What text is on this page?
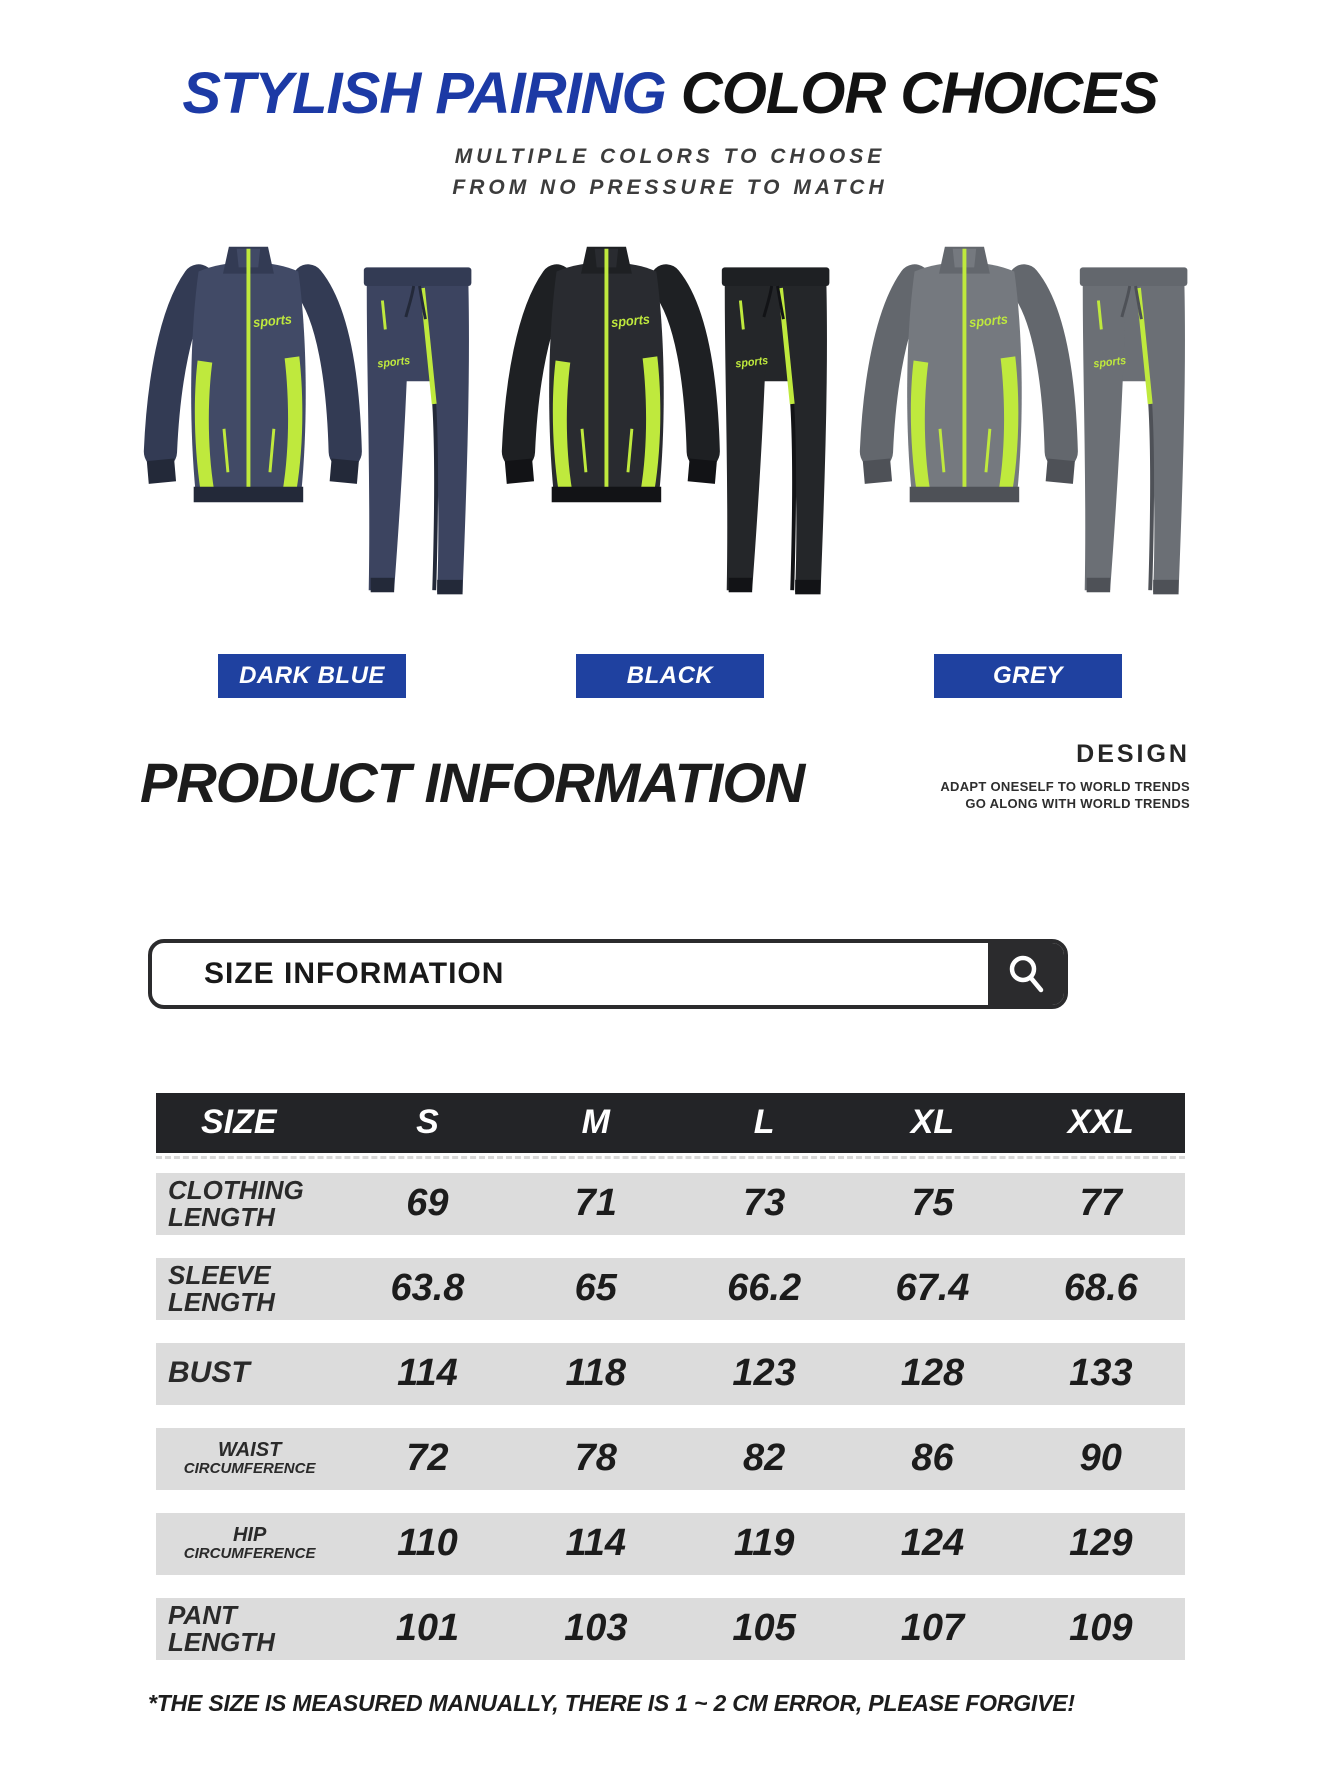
STYLISH PAIRING COLOR CHOICES
MULTIPLE COLORS TO CHOOSE
FROM NO PRESSURE TO MATCH
DARK BLUE	BLACK	GREY
PRODUCT INFORMATION	DESIGN
ADAPT ONESELF TO WORLD TRENDS
GO ALONG WITH WORLD TRENDS
SIZE INFORMATION
SIZE	S	M	L	XL	XXL
CLOTHING
LENGTH	69	71	73	75	77
SLEEVE
LENGTH	63.8	65	66.2	67.4	68.6
BUST	114	118	123	128	133
WAIST
CIRCUMFERENCE	72	78	82	86	90
HIP
CIRCUMFERENCE	110	114	119	124	129
PANT
LENGTH	101	103	105	107	109
*THE SIZE IS MEASURED MANUALLY, THERE IS 1 ~ 2 CM ERROR, PLEASE FORGIVE!
